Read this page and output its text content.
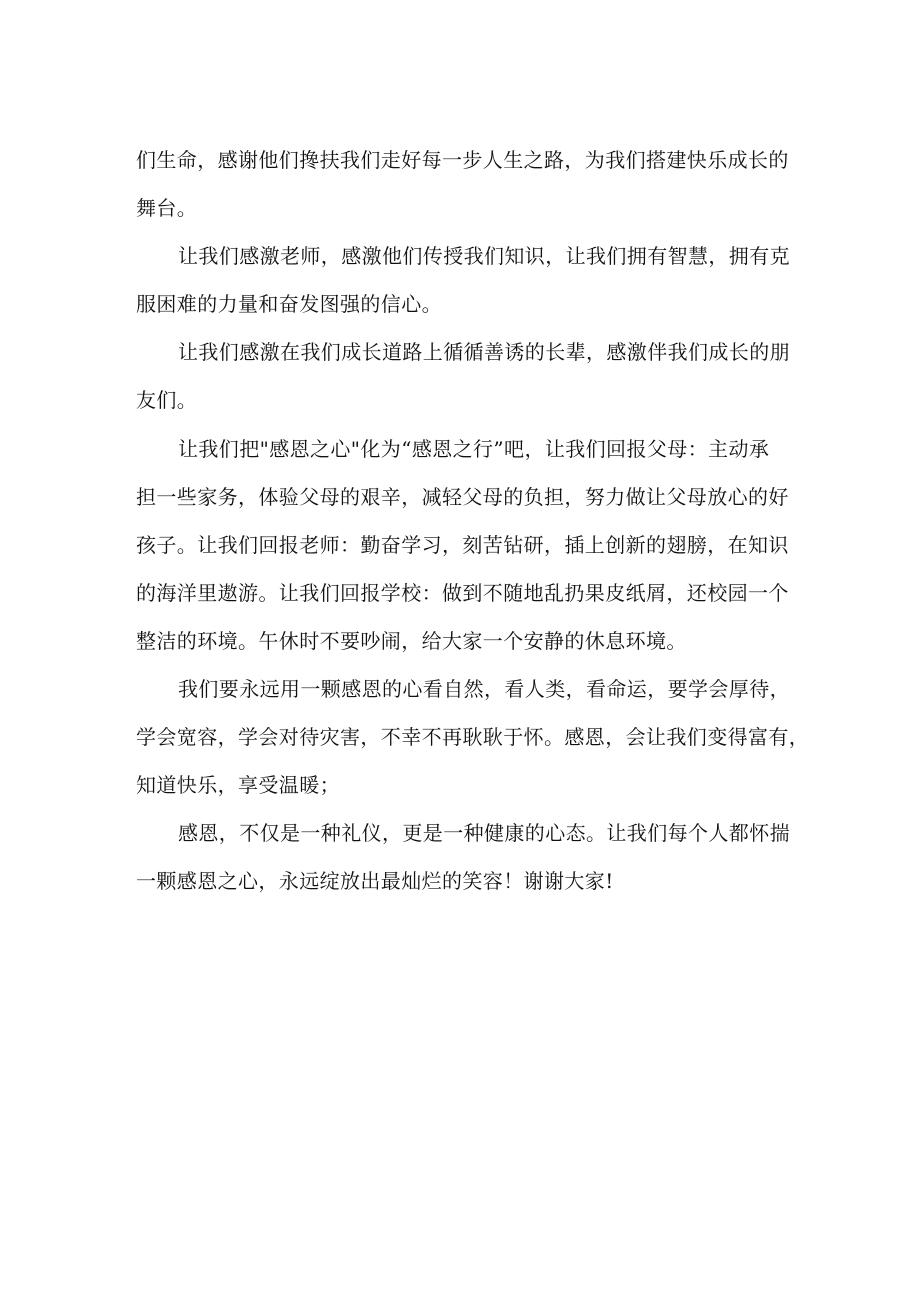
们生命，感谢他们搀扶我们走好每一步人生之路，为我们搭建快乐成长的
舞台。
让我们感激老师，感激他们传授我们知识，让我们拥有智慧，拥有克
服困难的力量和奋发图强的信心。
让我们感激在我们成长道路上循循善诱的长辈，感激伴我们成长的朋
友们。
让我们把"感恩之心"化为“感恩之行”吧，让我们回报父母：主动承
担一些家务，体验父母的艰辛，减轻父母的负担，努力做让父母放心的好
孩子。让我们回报老师：勤奋学习，刻苦钻研，插上创新的翅膀，在知识
的海洋里遨游。让我们回报学校：做到不随地乱扔果皮纸屑，还校园一个
整洁的环境。午休时不要吵闹，给大家一个安静的休息环境。
我们要永远用一颗感恩的心看自然，看人类，看命运，要学会厚待，
学会宽容，学会对待灾害，不幸不再耿耿于怀。感恩，会让我们变得富有，
知道快乐，享受温暖；
感恩，不仅是一种礼仪，更是一种健康的心态。让我们每个人都怀揣
一颗感恩之心，永远绽放出最灿烂的笑容！谢谢大家!
